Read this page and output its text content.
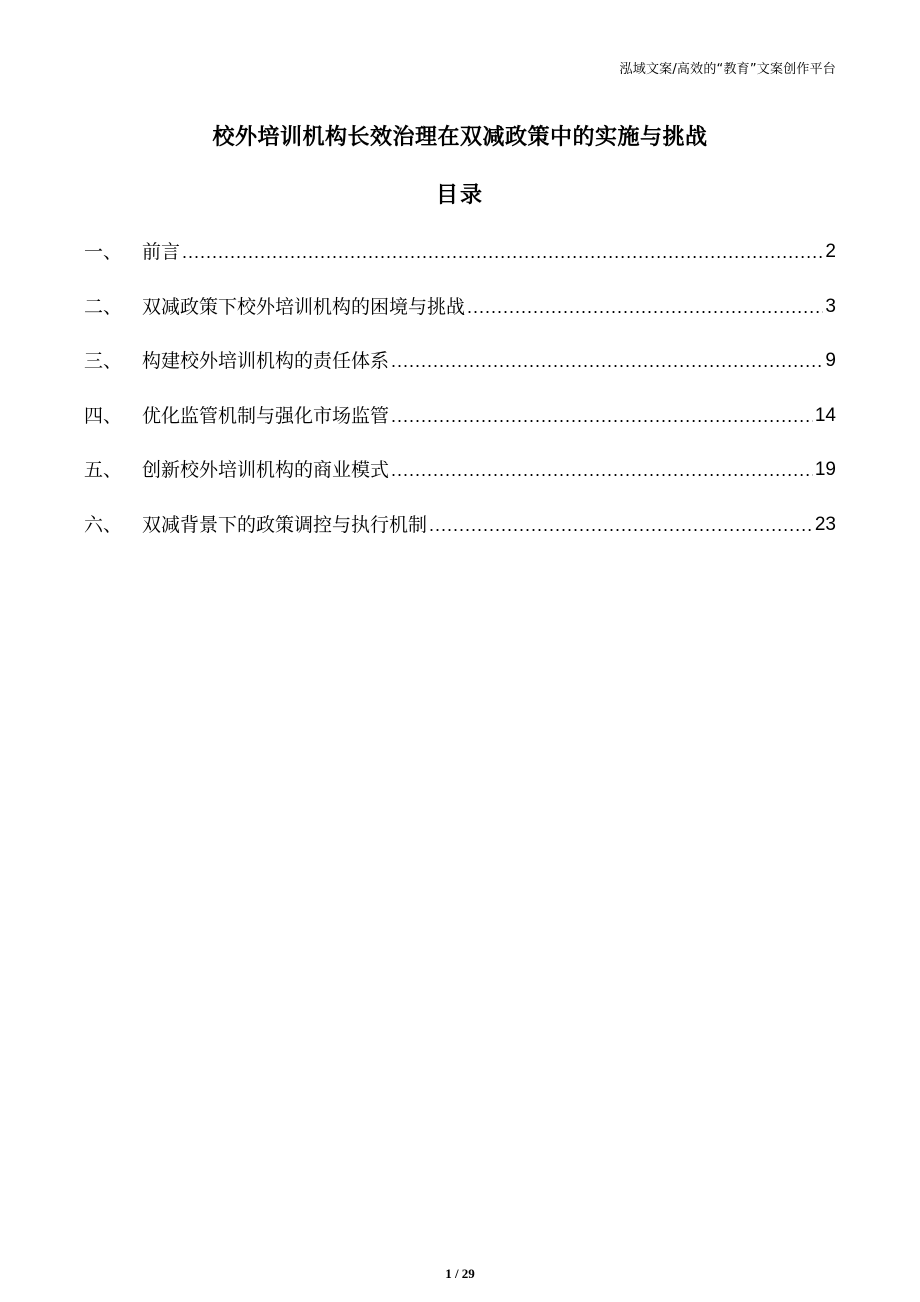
泓域文案/高效的“教育”文案创作平台
校外培训机构长效治理在双减政策中的实施与挑战
目录
一、	前言 .....	2
二、	双减政策下校外培训机构的困境与挑战 .....	3
三、	构建校外培训机构的责任体系 .....	9
四、	优化监管机制与强化市场监管 .....	14
五、	创新校外培训机构的商业模式 .....	19
六、	双减背景下的政策调控与执行机制 .....	23
1 / 29
